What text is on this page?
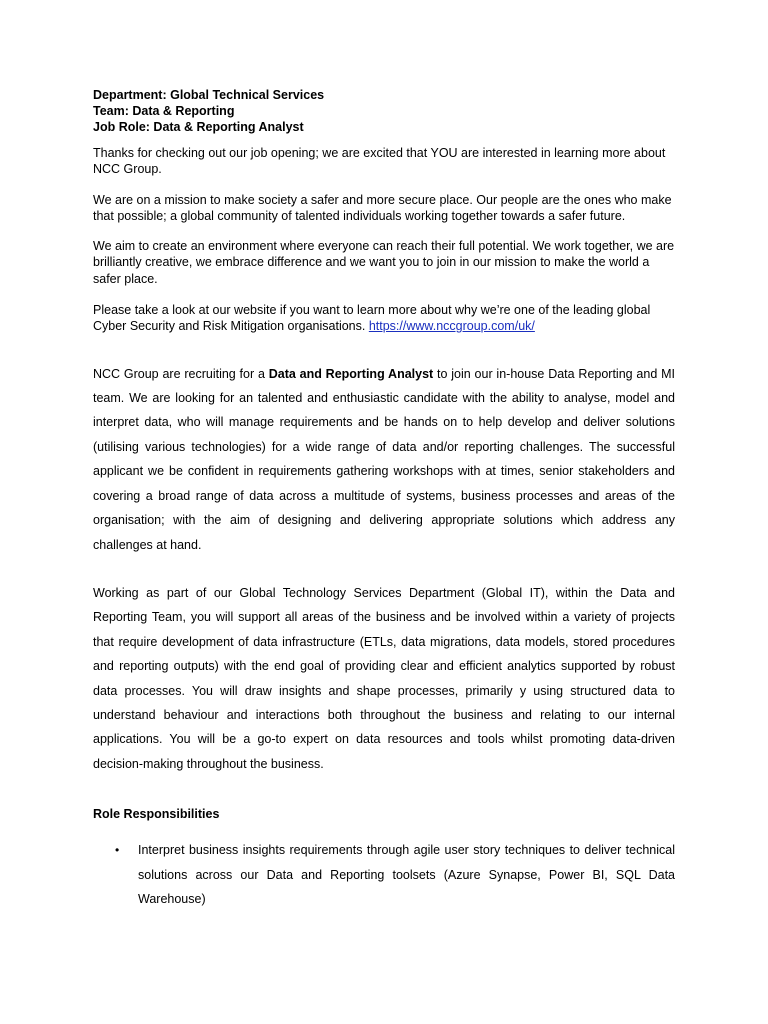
Department: Global Technical Services

Team: Data & Reporting

Job Role: Data & Reporting Analyst

Thanks for checking out our job opening; we are excited that YOU are interested in learning more about NCC Group.

We are on a mission to make society a safer and more secure place. Our people are the ones who make that possible; a global community of talented individuals working together towards a safer future.

We aim to create an environment where everyone can reach their full potential. We work together, we are brilliantly creative, we embrace difference and we want you to join in our mission to make the world a safer place.

Please take a look at our website if you want to learn more about why we’re one of the leading global Cyber Security and Risk Mitigation organisations. https://www.nccgroup.com/uk/

NCC Group are recruiting for a Data and Reporting Analyst to join our in-house Data Reporting and MI team. We are looking for an talented and enthusiastic candidate with the ability to analyse, model and interpret data, who will manage requirements and be hands on to help develop and deliver solutions (utilising various technologies) for a wide range of data and/or reporting challenges. The successful applicant we be confident in requirements gathering workshops with at times, senior stakeholders and covering a broad range of data across a multitude of systems, business processes and areas of the organisation; with the aim of designing and delivering appropriate solutions which address any challenges at hand.

Working as part of our Global Technology Services Department (Global IT), within the Data and Reporting Team, you will support all areas of the business and be involved within a variety of projects that require development of data infrastructure (ETLs, data migrations, data models, stored procedures and reporting outputs) with the end goal of providing clear and efficient analytics supported by robust data processes. You will draw insights and shape processes, primarily y using structured data to understand behaviour and interactions both throughout the business and relating to our internal applications. You will be a go-to expert on data resources and tools whilst promoting data-driven decision-making throughout the business.

Role Responsibilities

• Interpret business insights requirements through agile user story techniques to deliver technical solutions across our Data and Reporting toolsets (Azure Synapse, Power BI, SQL Data Warehouse)
